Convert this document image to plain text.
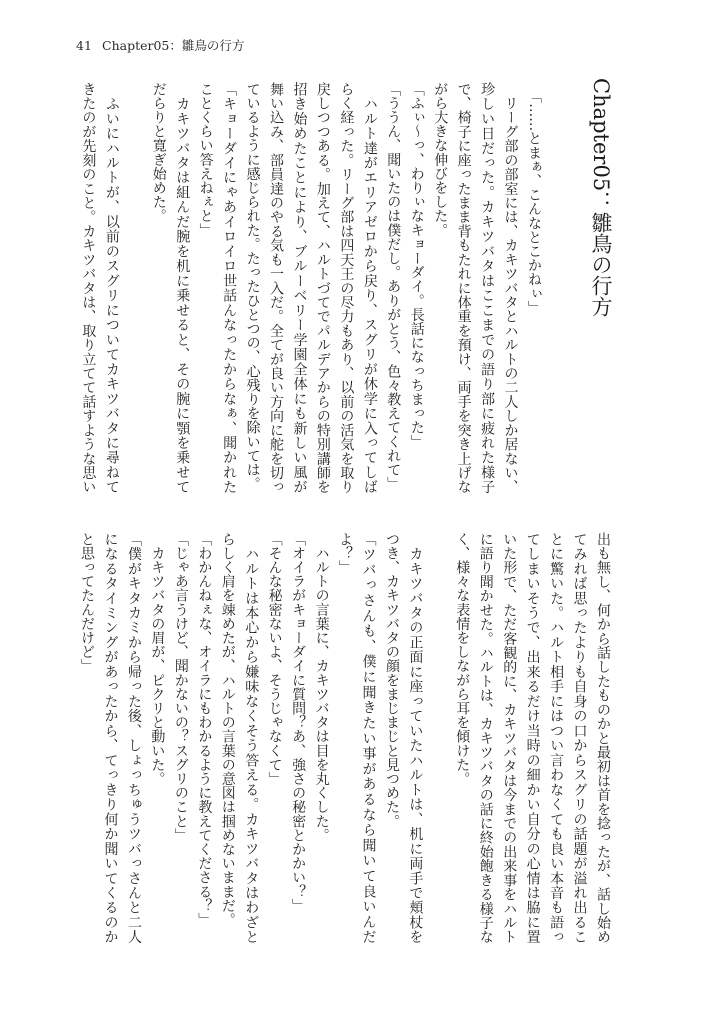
41 Chapter05：雛鳥の行方
Chapter05：雛鳥の行方
　「……とまぁ、こんなとこかねぃ」
　リーグ部の部室には、カキツバタとハルトの二人しか居ない、
珍しい日だった。カキツバタはここまでの語り部に疲れた様子
で、椅子に座ったまま背もたれに体重を預け、両手を突き上げな
がら大きな伸びをした。
「ふぃ～っ、わりぃなキョーダイ。長話になっちまった」
「ううん、聞いたのは僕だし。ありがとう、色々教えてくれて」
　ハルト達がエリアゼロから戻り、スグリが休学に入ってしば
らく経った。リーグ部は四天王の尽力もあり、以前の活気を取り
戻しつつある。加えて、ハルトづてでパルデアからの特別講師を
招き始めたことにより、ブルーベリー学園全体にも新しい風が
舞い込み、部員達のやる気も一入だ。全てが良い方向に舵を切っ
ているように感じられた。たったひとつの、心残りを除いては。
「キョーダイにゃあイロイロ世話んなったからなぁ、聞かれた
ことくらい答えねぇと」
　カキツバタは組んだ腕を机に乗せると、その腕に顎を乗せて
だらりと寛ぎ始めた。
　ふいにハルトが、以前のスグリについてカキツバタに尋ねて
きたのが先刻のこと。カキツバタは、取り立てて話すような思い
出も無し、何から話したものかと最初は首を捻ったが、話し始め
てみれば思ったよりも自身の口からスグリの話題が溢れ出るこ
とに驚いた。ハルト相手にはつい言わなくても良い本音も語っ
てしまいそうで、出来るだけ当時の細かい自分の心情は脇に置
いた形で、ただ客観的に、カキツバタは今までの出来事をハルト
に語り聞かせた。ハルトは、カキツバタの話に終始飽きる様子な
く、様々な表情をしながら耳を傾けた。
　カキツバタの正面に座っていたハルトは、机に両手で頬杖を
つき、カキツバタの顔をまじまじと見つめた。
「ツバっさんも、僕に聞きたい事があるなら聞いて良いんだ
よ？」
　ハルトの言葉に、カキツバタは目を丸くした。
「オイラがキョーダイに質問？あ、強さの秘密とかかい？」
「そんな秘密ないよ、そうじゃなくて」
　ハルトは本心から嫌味なくそう答える。カキツバタはわざと
らしく肩を竦めたが、ハルトの言葉の意図は掴めないままだ。
「わかんねぇな、オイラにもわかるように教えてくださる？」
「じゃあ言うけど、聞かないの？スグリのこと」
　カキツバタの眉が、ピクリと動いた。
「僕がキタカミから帰った後、しょっちゅうツバっさんと二人
になるタイミングがあったから、てっきり何か聞いてくるのか
と思ってたんだけど」
